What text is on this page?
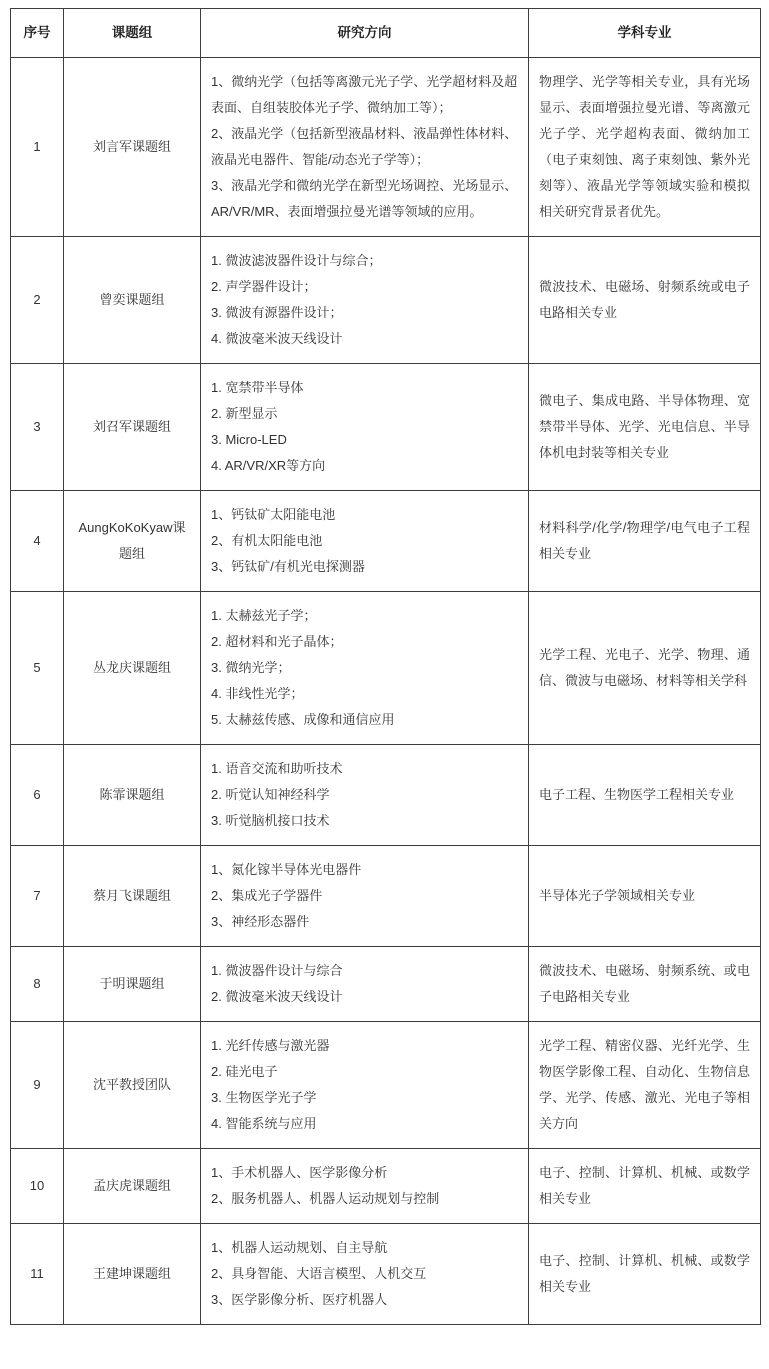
序号	课题组	研究方向	学科专业
1	刘言军课题组	1、微纳光学（包括等离激元光子学、光学超材料及超表面、自组装胶体光子学、微纳加工等）；
2、液晶光学（包括新型液晶材料、液晶弹性体材料、液晶光电器件、智能/动态光子学等）；
3、液晶光学和微纳光学在新型光场调控、光场显示、AR/VR/MR、表面增强拉曼光谱等领域的应用。	物理学、光学等相关专业，具有光场显示、表面增强拉曼光谱、等离激元光子学、光学超构表面、微纳加工（电子束刻蚀、离子束刻蚀、紫外光刻等）、液晶光学等领域实验和模拟相关研究背景者优先。
2	曾奕课题组	1. 微波滤波器件设计与综合；
2. 声学器件设计；
3. 微波有源器件设计；
4. 微波毫米波天线设计	微波技术、电磁场、射频系统或电子电路相关专业
3	刘召军课题组	1. 宽禁带半导体
2. 新型显示
3. Micro-LED
4. AR/VR/XR等方向	微电子、集成电路、半导体物理、宽禁带半导体、光学、光电信息、半导体机电封装等相关专业
4	AungKoKoKyaw课题组	1、钙钛矿太阳能电池
2、有机太阳能电池
3、钙钛矿/有机光电探测器	材料科学/化学/物理学/电气电子工程相关专业
5	丛龙庆课题组	1. 太赫兹光子学；
2. 超材料和光子晶体；
3. 微纳光学；
4. 非线性光学；
5. 太赫兹传感、成像和通信应用	光学工程、光电子、光学、物理、通信、微波与电磁场、材料等相关学科
6	陈霏课题组	1. 语音交流和助听技术
2. 听觉认知神经科学
3. 听觉脑机接口技术	电子工程、生物医学工程相关专业
7	蔡月飞课题组	1、氮化镓半导体光电器件
2、集成光子学器件
3、神经形态器件	半导体光子学领域相关专业
8	于明课题组	1. 微波器件设计与综合
2. 微波毫米波天线设计	微波技术、电磁场、射频系统、或电子电路相关专业
9	沈平教授团队	1. 光纤传感与激光器
2. 硅光电子
3. 生物医学光子学
4. 智能系统与应用	光学工程、精密仪器、光纤光学、生物医学影像工程、自动化、生物信息学、光学、传感、激光、光电子等相关方向
10	孟庆虎课题组	1、手术机器人、医学影像分析
2、服务机器人、机器人运动规划与控制	电子、控制、计算机、机械、或数学相关专业
11	王建坤课题组	1、机器人运动规划、自主导航
2、具身智能、大语言模型、人机交互
3、医学影像分析、医疗机器人	电子、控制、计算机、机械、或数学相关专业
